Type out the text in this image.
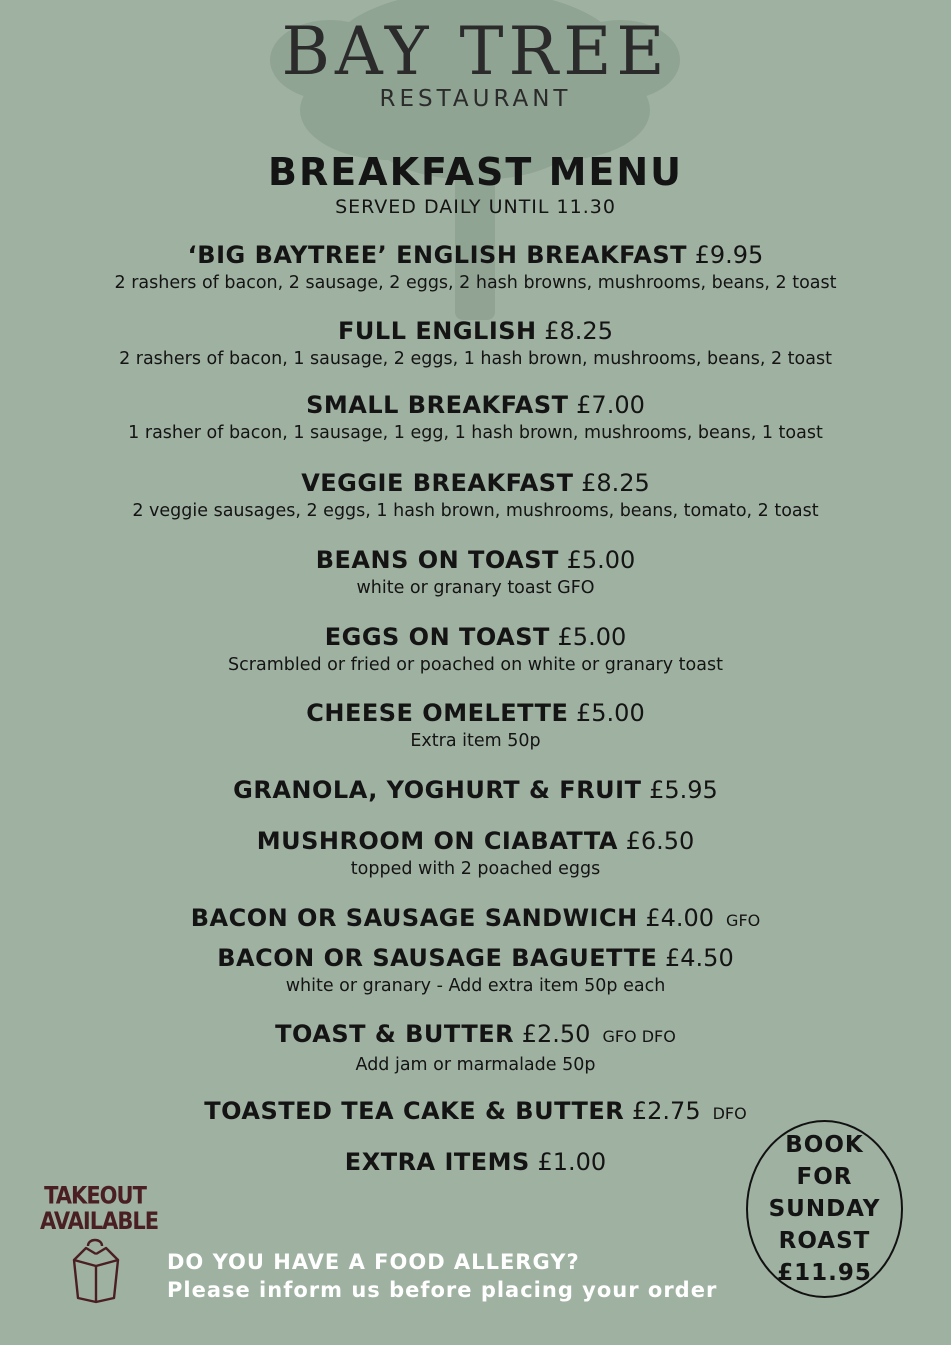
BAY TREE
RESTAURANT
BREAKFAST MENU
SERVED DAILY UNTIL 11.30
‘BIG BAYTREE’ ENGLISH BREAKFAST £9.95
2 rashers of bacon, 2 sausage, 2 eggs, 2 hash browns, mushrooms, beans, 2 toast
FULL ENGLISH £8.25
2 rashers of bacon, 1 sausage, 2 eggs, 1 hash brown, mushrooms, beans, 2 toast
SMALL BREAKFAST £7.00
1 rasher of bacon, 1 sausage, 1 egg, 1 hash brown, mushrooms, beans, 1 toast
VEGGIE BREAKFAST £8.25
2 veggie sausages, 2 eggs, 1 hash brown, mushrooms, beans, tomato, 2 toast
BEANS ON TOAST £5.00
white or granary toast GFO
EGGS ON TOAST £5.00
Scrambled or fried or poached on white or granary toast
CHEESE OMELETTE £5.00
Extra item 50p
GRANOLA, YOGHURT & FRUIT £5.95
MUSHROOM ON CIABATTA £6.50
topped with 2 poached eggs
BACON OR SAUSAGE SANDWICH £4.00 GFO
BACON OR SAUSAGE BAGUETTE £4.50
white or granary - Add extra item 50p each
TOAST & BUTTER £2.50 GFO DFO
Add jam or marmalade 50p
TOASTED TEA CAKE & BUTTER £2.75 DFO
EXTRA ITEMS £1.00
TAKEOUT
AVAILABLE
DO YOU HAVE A FOOD ALLERGY?
Please inform us before placing your order
BOOK
FOR
SUNDAY
ROAST
£11.95
